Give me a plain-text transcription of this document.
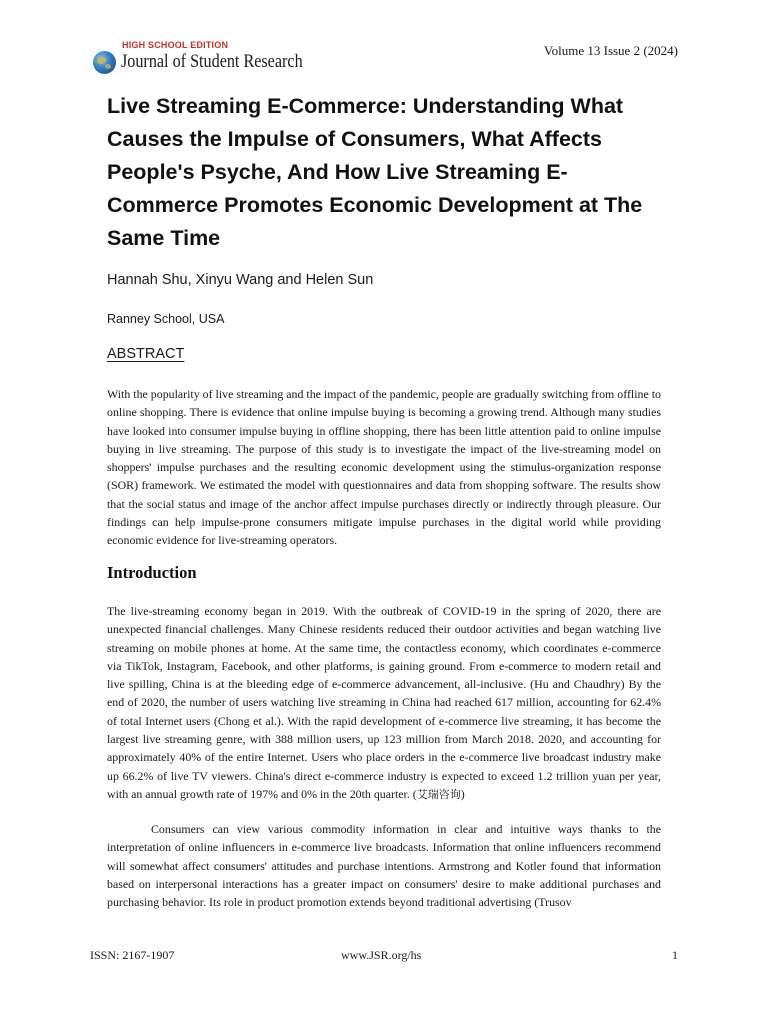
HIGH SCHOOL EDITION
Journal of Student Research
Volume 13 Issue 2 (2024)
Live Streaming E-Commerce: Understanding What Causes the Impulse of Consumers, What Affects People's Psyche, And How Live Streaming E-Commerce Promotes Economic Development at The Same Time
Hannah Shu, Xinyu Wang and Helen Sun
Ranney School, USA
ABSTRACT

With the popularity of live streaming and the impact of the pandemic, people are gradually switching from offline to online shopping. There is evidence that online impulse buying is becoming a growing trend. Although many studies have looked into consumer impulse buying in offline shopping, there has been little attention paid to online impulse buying in live streaming. The purpose of this study is to investigate the impact of the live-streaming model on shoppers' impulse purchases and the resulting economic development using the stimulus-organization response (SOR) framework. We estimated the model with questionnaires and data from shopping software. The results show that the social status and image of the anchor affect impulse purchases directly or indirectly through pleasure. Our findings can help impulse-prone consumers mitigate impulse purchases in the digital world while providing economic evidence for live-streaming operators.

Introduction

The live-streaming economy began in 2019. With the outbreak of COVID-19 in the spring of 2020, there are unexpected financial challenges. Many Chinese residents reduced their outdoor activities and began watching live streaming on mobile phones at home. At the same time, the contactless economy, which coordinates e-commerce via TikTok, Instagram, Facebook, and other platforms, is gaining ground. From e-commerce to modern retail and live spilling, China is at the bleeding edge of e-commerce advancement, all-inclusive. (Hu and Chaudhry) By the end of 2020, the number of users watching live streaming in China had reached 617 million, accounting for 62.4% of total Internet users (Chong et al.). With the rapid development of e-commerce live streaming, it has become the largest live streaming genre, with 388 million users, up 123 million from March 2018. 2020, and accounting for approximately 40% of the entire Internet. Users who place orders in the e-commerce live broadcast industry make up 66.2% of live TV viewers. China's direct e-commerce industry is expected to exceed 1.2 trillion yuan per year, with an annual growth rate of 197% and 0% in the 20th quarter. (艾瑞咨询)

Consumers can view various commodity information in clear and intuitive ways thanks to the interpretation of online influencers in e-commerce live broadcasts. Information that online influencers recommend will somewhat affect consumers' attitudes and purchase intentions. Armstrong and Kotler found that information based on interpersonal interactions has a greater impact on consumers' desire to make additional purchases and purchasing behavior. Its role in product promotion extends beyond traditional advertising (Trusov

ISSN: 2167-1907	www.JSR.org/hs	1
